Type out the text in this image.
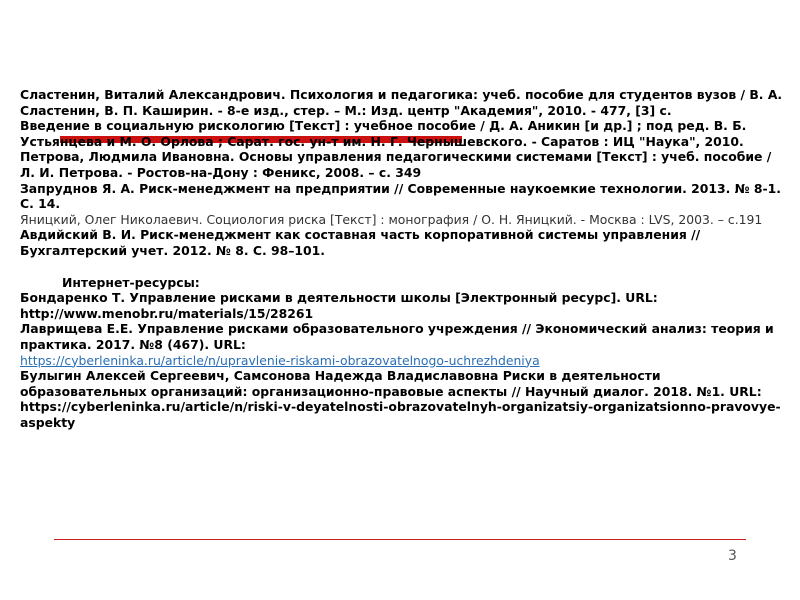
Сластенин, Виталий Александрович. Психология и педагогика: учеб. пособие для студентов вузов / В. А. Сластенин, В. П. Каширин. - 8-е изд., стер. – М.: Изд. центр "Академия", 2010. - 477, [3] с.

Введение в социальную рискологию [Текст] : учебное пособие / Д. А. Аникин [и др.] ; под ред. В. Б. Устьянцева и М. О. Орлова ; Сарат. гос. ун-т им. Н. Г. Чернышевского. - Саратов : ИЦ "Наука", 2010.

Петрова, Людмила Ивановна. Основы управления педагогическими системами [Текст] : учеб. пособие / Л. И. Петрова. - Ростов-на-Дону : Феникс, 2008. – с. 349

Запруднов Я. А. Риск-менеджмент на предприятии // Современные наукоемкие технологии. 2013. № 8-1. С. 14.

Яницкий, Олег Николаевич. Социология риска [Текст] : монография / О. Н. Яницкий. - Москва : LVS, 2003. – с.191

Авдийский В. И. Риск-менеджмент как составная часть корпоративной системы управления // Бухгалтерский учет. 2012. № 8. С. 98–101.

Интернет-ресурсы:

Бондаренко Т. Управление рисками в деятельности школы [Электронный ресурс]. URL: http://www.menobr.ru/materials/15/28261

Лаврищева Е.Е. Управление рисками образовательного учреждения // Экономический анализ: теория и практика. 2017. №8 (467). URL:
https://cyberleninka.ru/article/n/upravlenie-riskami-obrazovatelnogo-uchrezhdeniya

Булыгин Алексей Сергеевич, Самсонова Надежда Владиславовна Риски в деятельности образовательных организаций: организационно-правовые аспекты // Научный диалог. 2018. №1. URL: https://cyberleninka.ru/article/n/riski-v-deyatelnosti-obrazovatelnyh-organizatsiy-organizatsionno-pravovye-aspekty

3
